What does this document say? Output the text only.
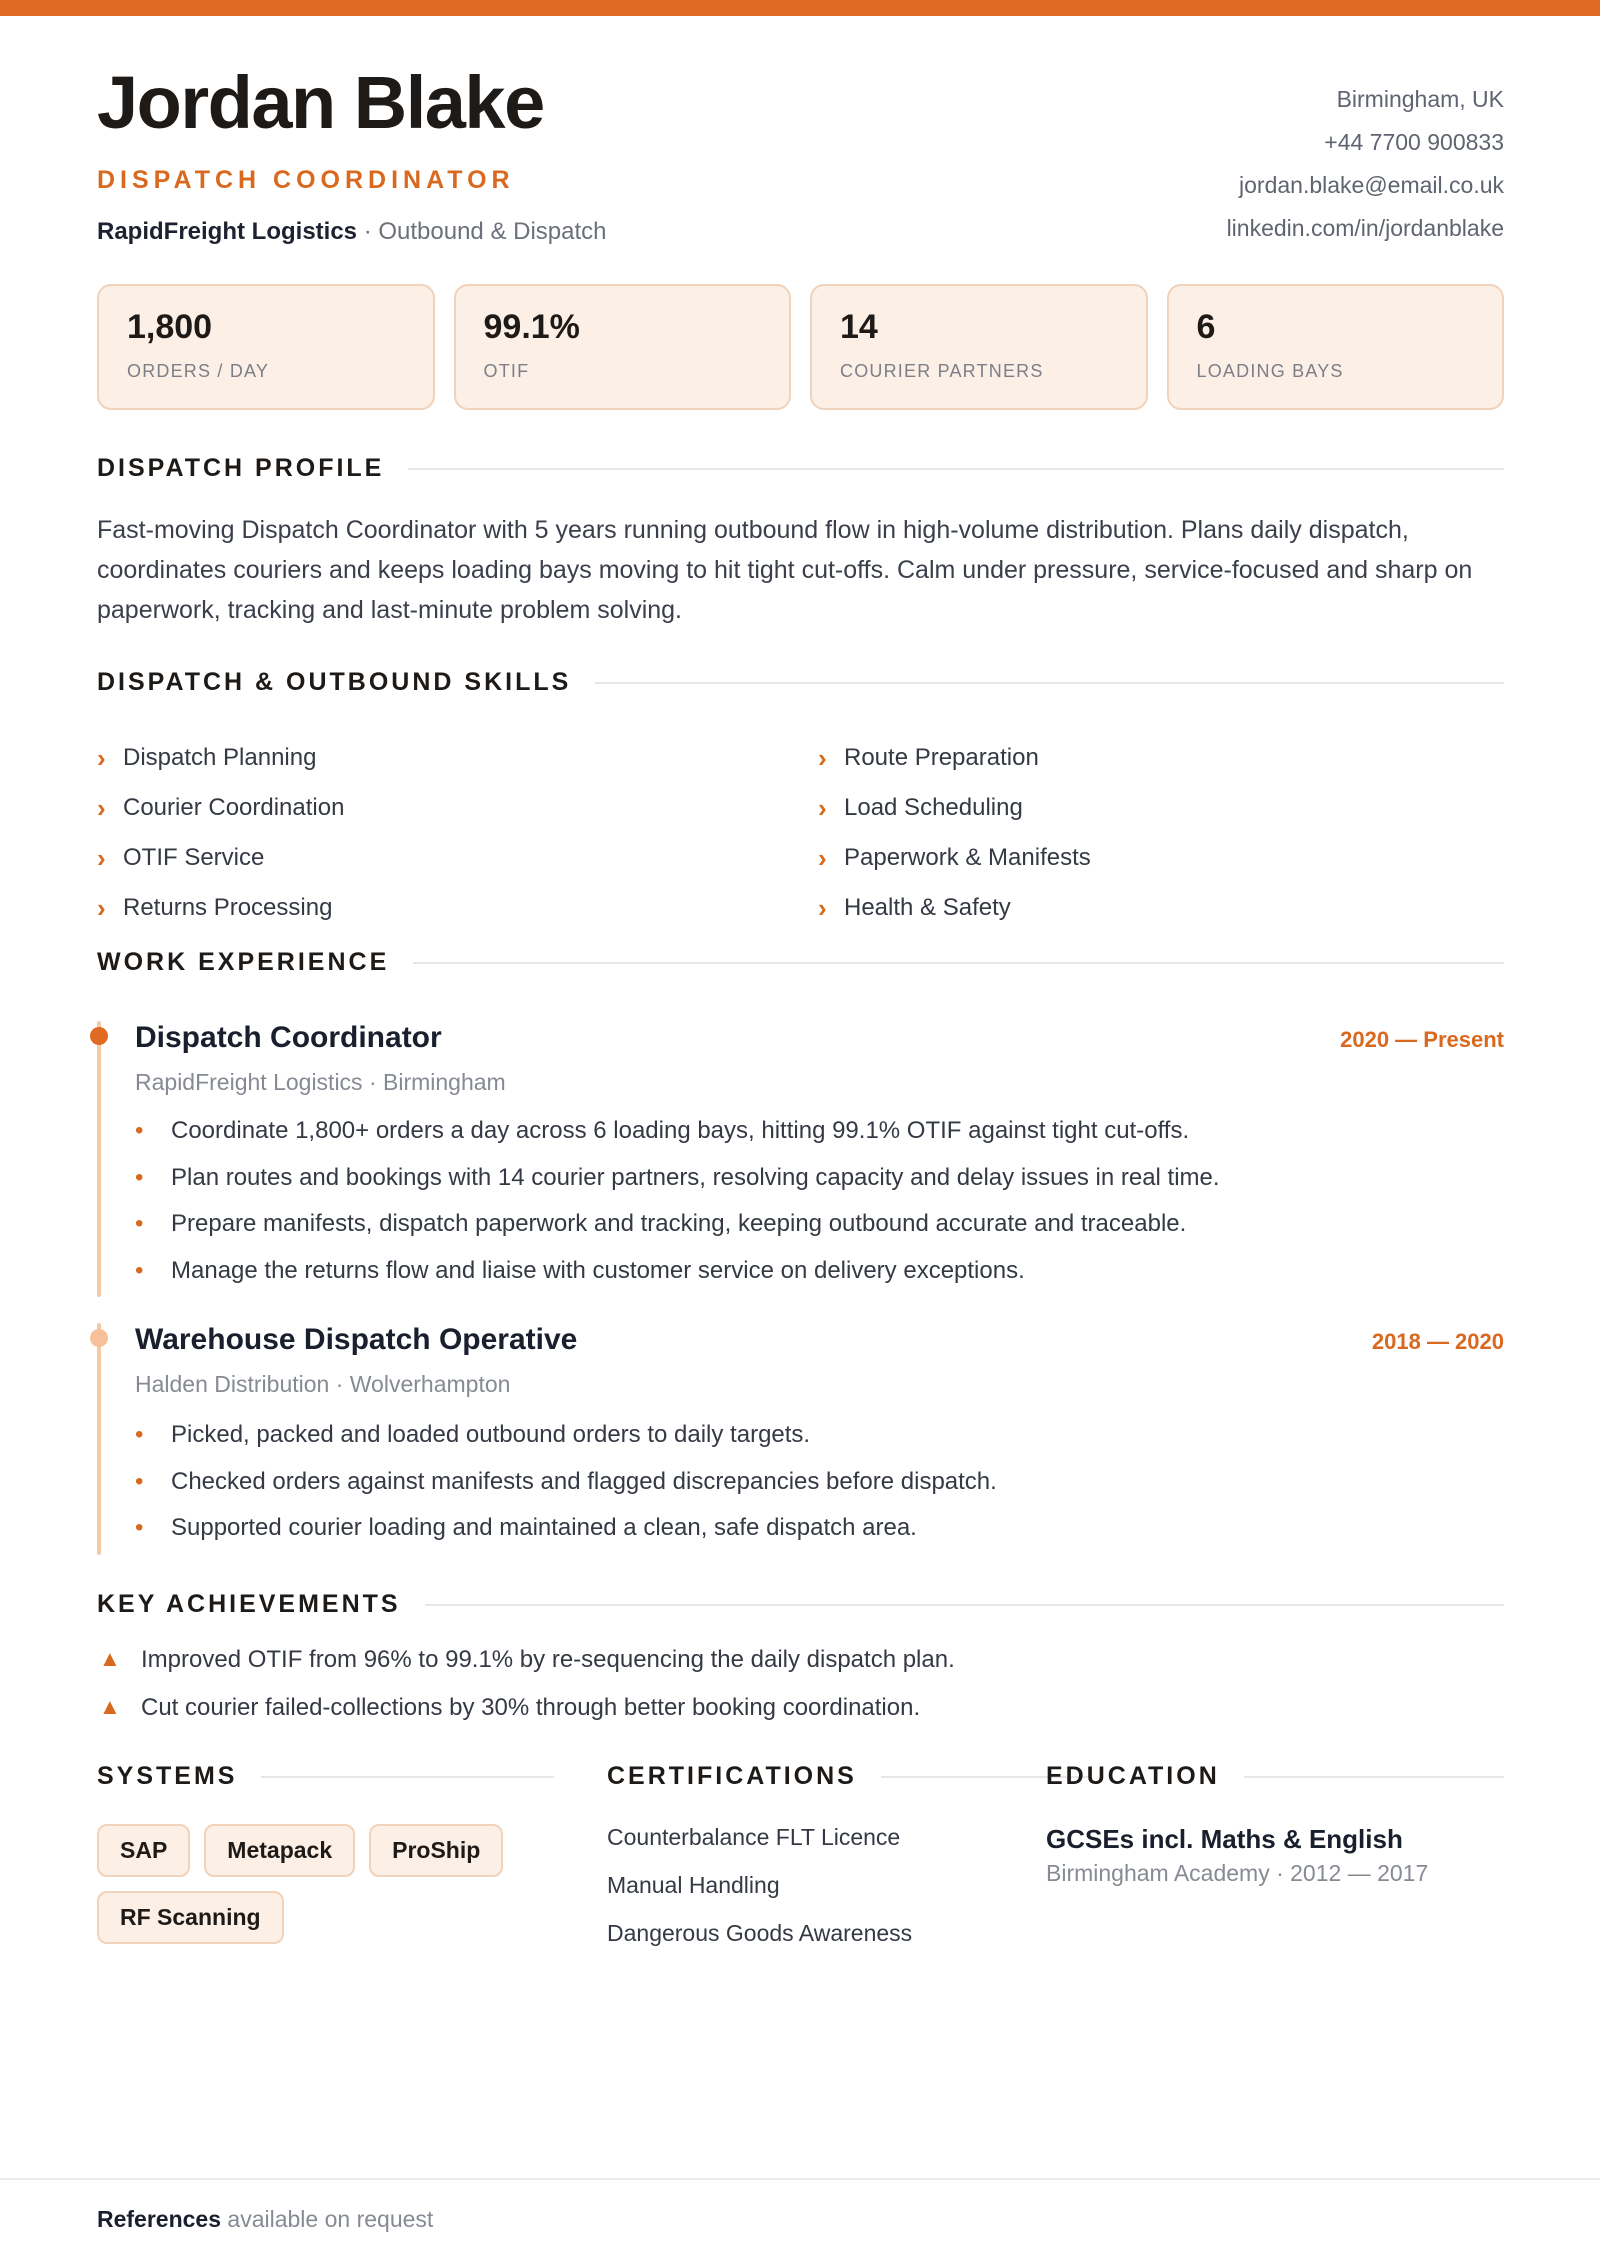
Jordan Blake
DISPATCH COORDINATOR
RapidFreight Logistics · Outbound & Dispatch
Birmingham, UK
+44 7700 900833
jordan.blake@email.co.uk
linkedin.com/in/jordanblake
1,800
ORDERS / DAY
99.1%
OTIF
14
COURIER PARTNERS
6
LOADING BAYS
DISPATCH PROFILE
Fast-moving Dispatch Coordinator with 5 years running outbound flow in high-volume distribution. Plans daily dispatch, coordinates couriers and keeps loading bays moving to hit tight cut-offs. Calm under pressure, service-focused and sharp on paperwork, tracking and last-minute problem solving.
DISPATCH & OUTBOUND SKILLS
› Dispatch Planning	› Route Preparation
› Courier Coordination	› Load Scheduling
› OTIF Service	› Paperwork & Manifests
› Returns Processing	› Health & Safety
WORK EXPERIENCE
Dispatch Coordinator	2020 — Present
RapidFreight Logistics · Birmingham
•	Coordinate 1,800+ orders a day across 6 loading bays, hitting 99.1% OTIF against tight cut-offs.
•	Plan routes and bookings with 14 courier partners, resolving capacity and delay issues in real time.
•	Prepare manifests, dispatch paperwork and tracking, keeping outbound accurate and traceable.
•	Manage the returns flow and liaise with customer service on delivery exceptions.
Warehouse Dispatch Operative	2018 — 2020
Halden Distribution · Wolverhampton
•	Picked, packed and loaded outbound orders to daily targets.
•	Checked orders against manifests and flagged discrepancies before dispatch.
•	Supported courier loading and maintained a clean, safe dispatch area.
KEY ACHIEVEMENTS
▲ Improved OTIF from 96% to 99.1% by re-sequencing the daily dispatch plan.
▲ Cut courier failed-collections by 30% through better booking coordination.
SYSTEMS
SAP	Metapack	ProShip
RF Scanning
CERTIFICATIONS
Counterbalance FLT Licence
Manual Handling
Dangerous Goods Awareness
EDUCATION
GCSEs incl. Maths & English
Birmingham Academy · 2012 — 2017
References available on request
